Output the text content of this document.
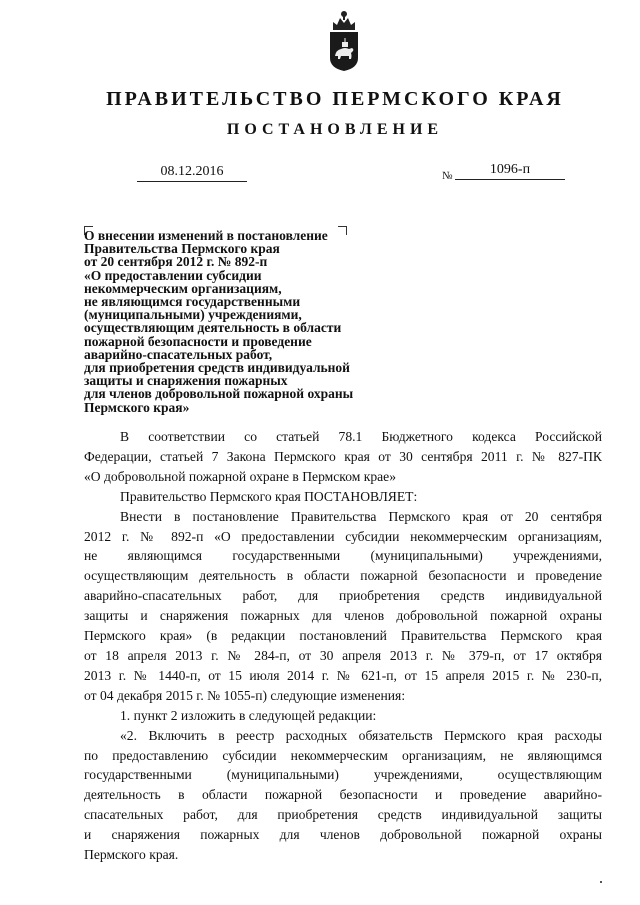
ПРАВИТЕЛЬСТВО ПЕРМСКОГО КРАЯ
ПОСТАНОВЛЕНИЕ
08.12.2016	№	1096-п
О внесении изменений в постановление
Правительства Пермского края
от 20 сентября 2012 г. № 892-п
«О предоставлении субсидии
некоммерческим организациям,
не являющимся государственными
(муниципальными) учреждениями,
осуществляющим деятельность в области
пожарной безопасности и проведение
аварийно-спасательных работ,
для приобретения средств индивидуальной
защиты и снаряжения пожарных
для членов добровольной пожарной охраны
Пермского края»
В соответствии со статьей 78.1 Бюджетного кодекса Российской
Федерации, статьей 7 Закона Пермского края от 30 сентября 2011 г. № 827-ПК
«О добровольной пожарной охране в Пермском крае»
Правительство Пермского края ПОСТАНОВЛЯЕТ:
Внести в постановление Правительства Пермского края от 20 сентября
2012 г. № 892-п «О предоставлении субсидии некоммерческим организациям,
не являющимся государственными (муниципальными) учреждениями,
осуществляющим деятельность в области пожарной безопасности и проведение
аварийно-спасательных работ, для приобретения средств индивидуальной
защиты и снаряжения пожарных для членов добровольной пожарной охраны
Пермского края» (в редакции постановлений Правительства Пермского края
от 18 апреля 2013 г. № 284-п, от 30 апреля 2013 г. № 379-п, от 17 октября
2013 г. № 1440-п, от 15 июля 2014 г. № 621-п, от 15 апреля 2015 г. № 230-п,
от 04 декабря 2015 г. № 1055-п) следующие изменения:
1. пункт 2 изложить в следующей редакции:
«2. Включить в реестр расходных обязательств Пермского края расходы
по предоставлению субсидии некоммерческим организациям, не являющимся
государственными (муниципальными) учреждениями, осуществляющим
деятельность в области пожарной безопасности и проведение аварийно-
спасательных работ, для приобретения средств индивидуальной защиты
и снаряжения пожарных для членов добровольной пожарной охраны
Пермского края.
